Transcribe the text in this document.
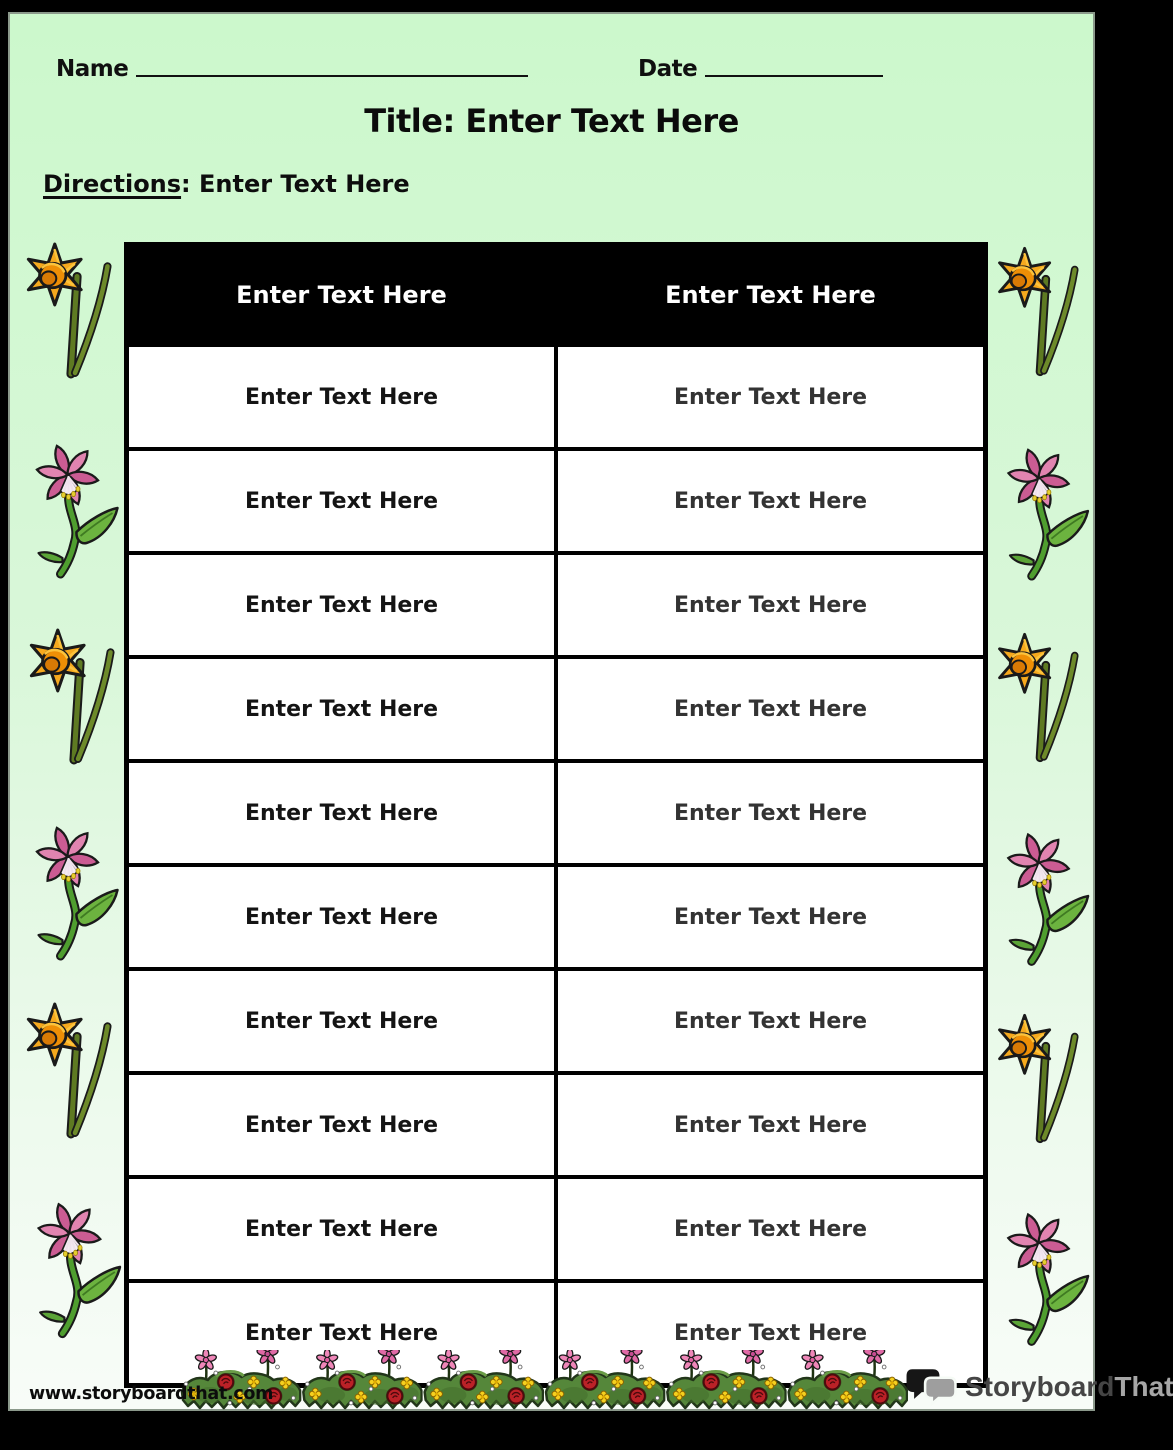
Name	Date
Title: Enter Text Here
Directions: Enter Text Here
Enter Text Here	Enter Text Here
Enter Text Here	Enter Text Here
Enter Text Here	Enter Text Here
Enter Text Here	Enter Text Here
Enter Text Here	Enter Text Here
Enter Text Here	Enter Text Here
Enter Text Here	Enter Text Here
Enter Text Here	Enter Text Here
Enter Text Here	Enter Text Here
Enter Text Here	Enter Text Here
Enter Text Here	Enter Text Here
www.storyboardthat.com	StoryboardThat
